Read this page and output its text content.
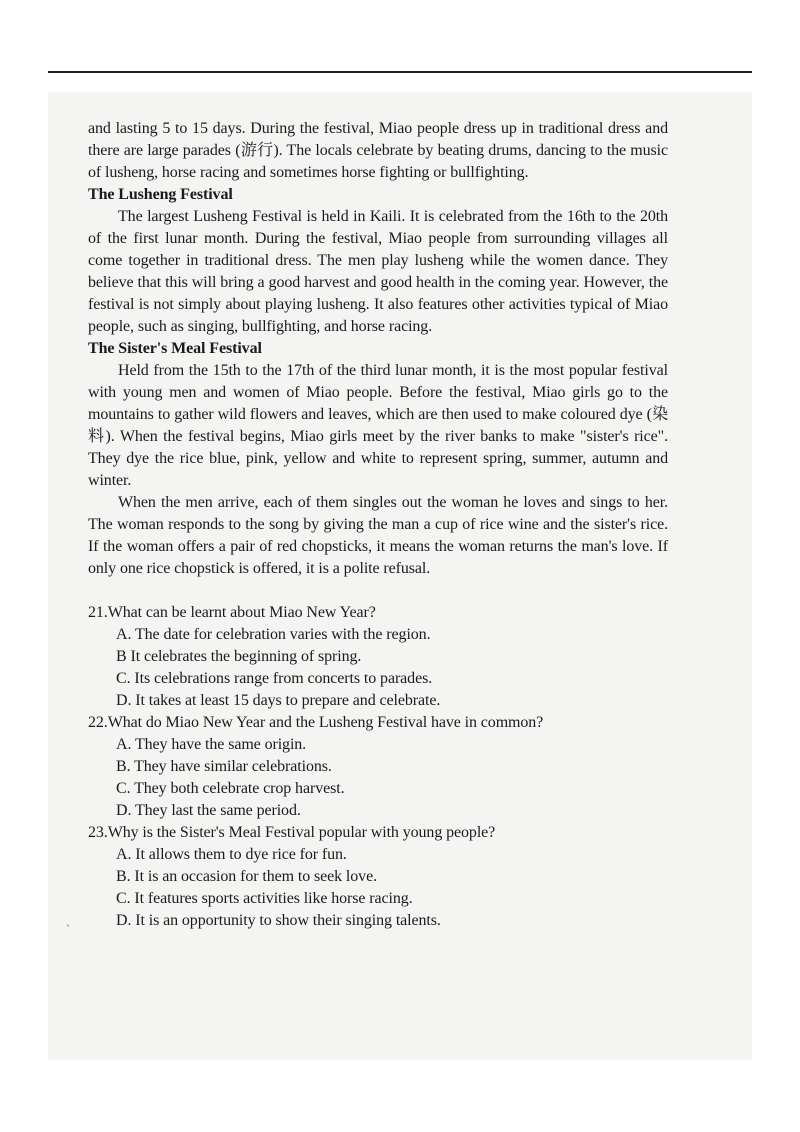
`

and lasting 5 to 15 days. During the festival, Miao people dress up in traditional dress and there are large parades (游行). The locals celebrate by beating drums, dancing to the music of lusheng, horse racing and sometimes horse fighting or bullfighting.

The Lusheng Festival

The largest Lusheng Festival is held in Kaili. It is celebrated from the 16th to the 20th of the first lunar month. During the festival, Miao people from surrounding villages all come together in traditional dress. The men play lusheng while the women dance. They believe that this will bring a good harvest and good health in the coming year. However, the festival is not simply about playing lusheng. It also features other activities typical of Miao people, such as singing, bullfighting, and horse racing.

The Sister's Meal Festival

Held from the 15th to the 17th of the third lunar month, it is the most popular festival with young men and women of Miao people. Before the festival, Miao girls go to the mountains to gather wild flowers and leaves, which are then used to make coloured dye (染料). When the festival begins, Miao girls meet by the river banks to make "sister's rice". They dye the rice blue, pink, yellow and white to represent spring, summer, autumn and winter.

When the men arrive, each of them singles out the woman he loves and sings to her. The woman responds to the song by giving the man a cup of rice wine and the sister's rice. If the woman offers a pair of red chopsticks, it means the woman returns the man's love. If only one rice chopstick is offered, it is a polite refusal.

21.What can be learnt about Miao New Year?

A. The date for celebration varies with the region.
B It celebrates the beginning of spring.
C. Its celebrations range from concerts to parades.
D. It takes at least 15 days to prepare and celebrate.

22.What do Miao New Year and the Lusheng Festival have in common?

A. They have the same origin.
B. They have similar celebrations.
C. They both celebrate crop harvest.
D. They last the same period.

23.Why is the Sister's Meal Festival popular with young people?

A. It allows them to dye rice for fun.
B. It is an occasion for them to seek love.
C. It features sports activities like horse racing.
D. It is an opportunity to show their singing talents.
